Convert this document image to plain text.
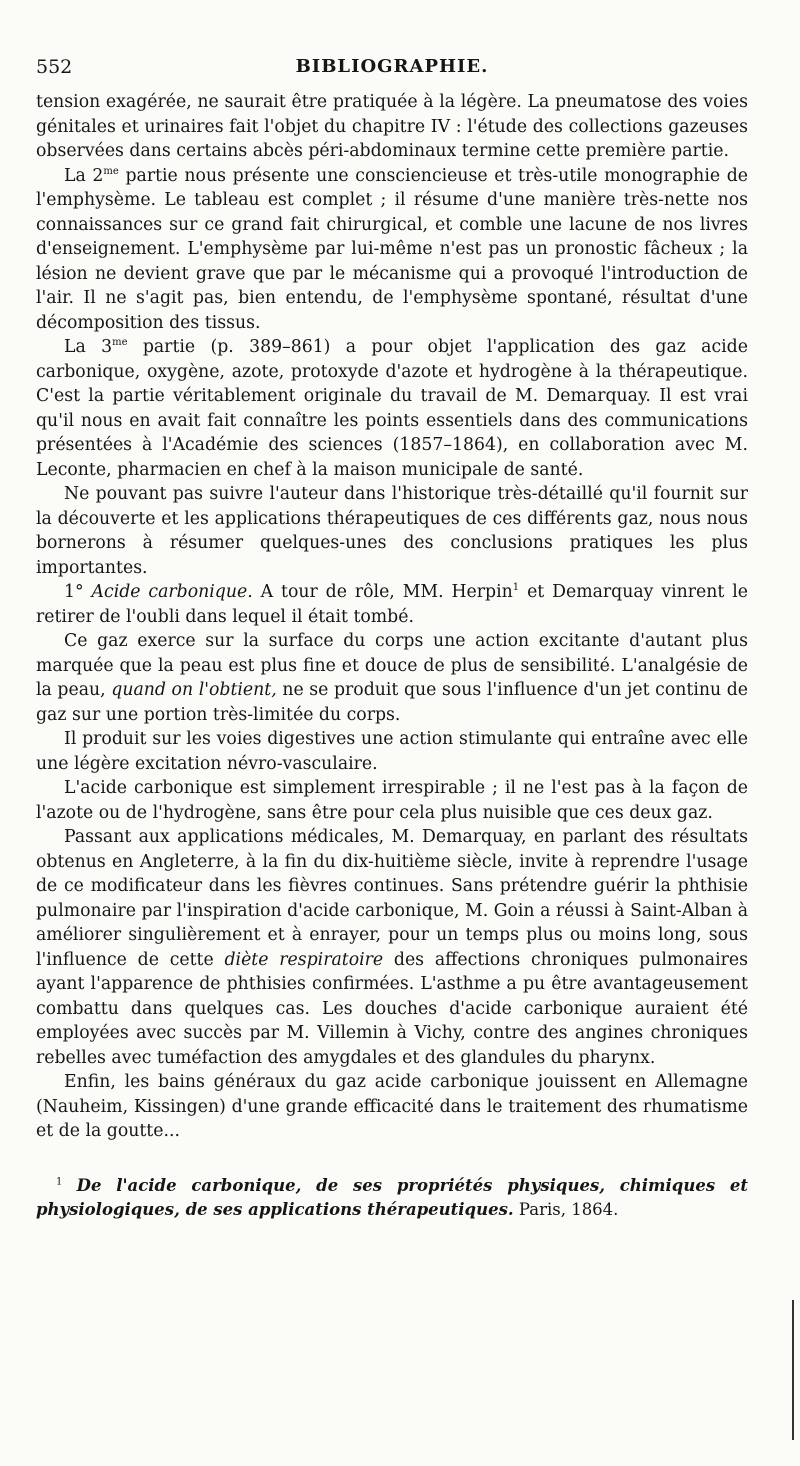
552	BIBLIOGRAPHIE.

tension exagérée, ne saurait être pratiquée à la légère. La pneumatose des voies génitales et urinaires fait l'objet du chapitre IV : l'étude des collections gazeuses observées dans certains abcès péri-abdominaux termine cette première partie.

La $2^{me}$ partie nous présente une consciencieuse et très-utile monographie de l'emphysème. Le tableau est complet ; il résume d'une manière très-nette nos connaissances sur ce grand fait chirurgical, et comble une lacune de nos livres d'enseignement. L'emphysème par lui-même n'est pas un pronostic fâcheux ; la lésion ne devient grave que par le mécanisme qui a provoqué l'introduction de l'air. Il ne s'agit pas, bien entendu, de l'emphysème spontané, résultat d'une décomposition des tissus.

La $3^{me}$ partie (p. 389–861) a pour objet l'application des gaz acide carbonique, oxygène, azote, protoxyde d'azote et hydrogène à la thérapeutique. C'est la partie véritablement originale du travail de M. Demarquay. Il est vrai qu'il nous en avait fait connaître les points essentiels dans des communications présentées à l'Académie des sciences (1857–1864), en collaboration avec M. Leconte, pharmacien en chef à la maison municipale de santé.

Ne pouvant pas suivre l'auteur dans l'historique très-détaillé qu'il fournit sur la découverte et les applications thérapeutiques de ces différents gaz, nous nous bornerons à résumer quelques-unes des conclusions pratiques les plus importantes.

1° Acide carbonique. A tour de rôle, MM. Herpin$^1$ et Demarquay vinrent le retirer de l'oubli dans lequel il était tombé.

Ce gaz exerce sur la surface du corps une action excitante d'autant plus marquée que la peau est plus fine et douce de plus de sensibilité. L'analgésie de la peau, quand on l'obtient, ne se produit que sous l'influence d'un jet continu de gaz sur une portion très-limitée du corps.

Il produit sur les voies digestives une action stimulante qui entraîne avec elle une légère excitation névro-vasculaire.

L'acide carbonique est simplement irrespirable ; il ne l'est pas à la façon de l'azote ou de l'hydrogène, sans être pour cela plus nuisible que ces deux gaz.

Passant aux applications médicales, M. Demarquay, en parlant des résultats obtenus en Angleterre, à la fin du dix-huitième siècle, invite à reprendre l'usage de ce modificateur dans les fièvres continues. Sans prétendre guérir la phthisie pulmonaire par l'inspiration d'acide carbonique, M. Goin a réussi à Saint-Alban à améliorer singulièrement et à enrayer, pour un temps plus ou moins long, sous l'influence de cette diète respiratoire des affections chroniques pulmonaires ayant l'apparence de phthisies confirmées. L'asthme a pu être avantageusement combattu dans quelques cas. Les douches d'acide carbonique auraient été employées avec succès par M. Villemin à Vichy, contre des angines chroniques rebelles avec tuméfaction des amygdales et des glandules du pharynx.

Enfin, les bains généraux du gaz acide carbonique jouissent en Allemagne (Nauheim, Kissingen) d'une grande efficacité dans le traitement des rhumatisme et de la goutte...

$^1$ De l'acide carbonique, de ses propriétés physiques, chimiques et physiologiques, de ses applications thérapeutiques. Paris, 1864.
